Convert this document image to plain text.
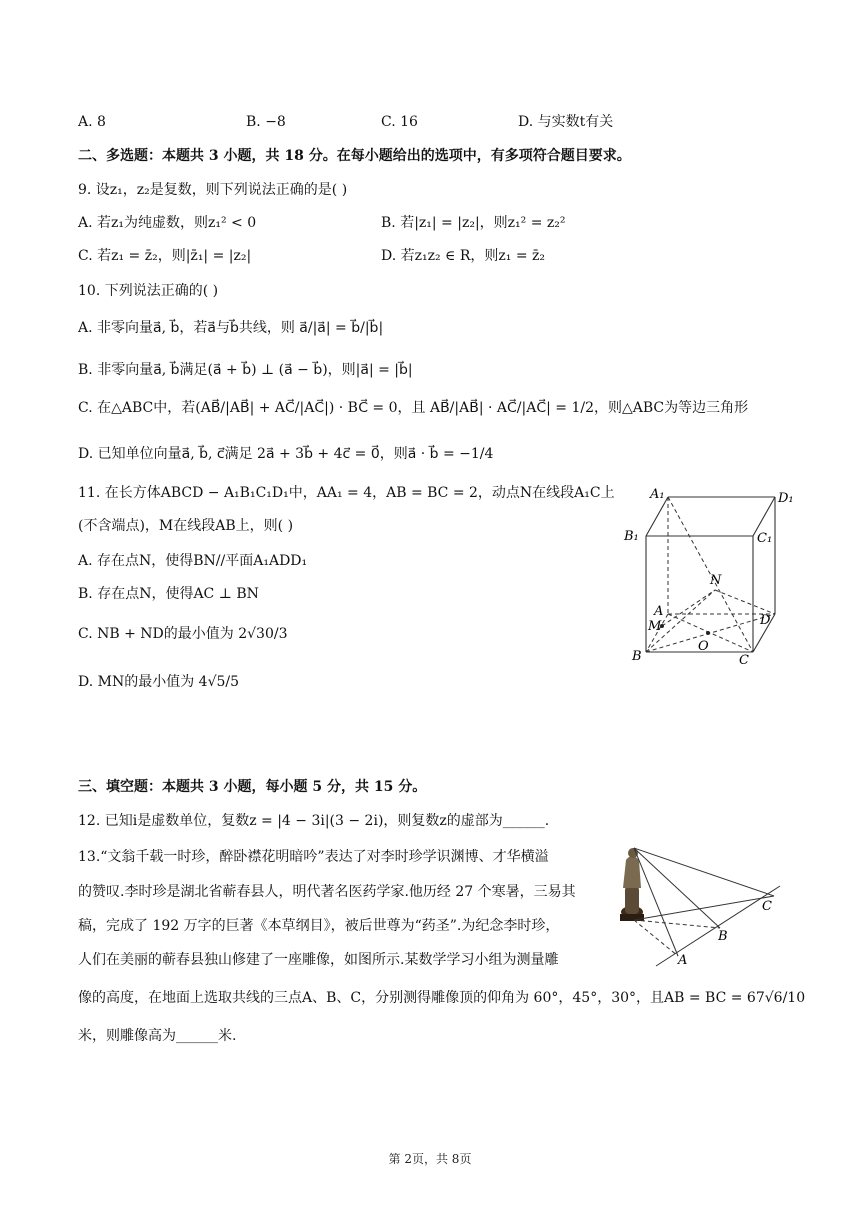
A. 8	B. −8	C. 16	D. 与实数t有关
二、多选题：本题共 3 小题，共 18 分。在每小题给出的选项中，有多项符合题目要求。
9. 设z₁，z₂是复数，则下列说法正确的是( )
A. 若z₁为纯虚数，则z₁² < 0	B. 若|z₁| = |z₂|，则z₁² = z₂²
C. 若z₁ = z̄₂，则|z̄₁| = |z₂|	D. 若z₁z₂ ∈ R，则z₁ = z̄₂
10. 下列说法正确的( )
A. 非零向量a⃗, b⃗，若a⃗与b⃗共线，则 a⃗/|a⃗| = b⃗/|b⃗|
B. 非零向量a⃗, b⃗满足(a⃗ + b⃗) ⊥ (a⃗ − b⃗)，则|a⃗| = |b⃗|
C. 在△ABC中，若(AB⃗/|AB⃗| + AC⃗/|AC⃗|) · BC⃗ = 0，且 AB⃗/|AB⃗| · AC⃗/|AC⃗| = 1/2，则△ABC为等边三角形
D. 已知单位向量a⃗, b⃗, c⃗满足 2a⃗ + 3b⃗ + 4c⃗ = 0⃗，则a⃗ · b⃗ = −1/4
11. 在长方体ABCD − A₁B₁C₁D₁中，AA₁ = 4，AB = BC = 2，动点N在线段A₁C上
(不含端点)，M在线段AB上，则( )
A. 存在点N，使得BN//平面A₁ADD₁
B. 存在点N，使得AC ⊥ BN
C. NB + ND的最小值为 2√30/3
D. MN的最小值为 4√5/5
A₁	D₁
B₁	C₁
N
A
M	D
O
B	C
三、填空题：本题共 3 小题，每小题 5 分，共 15 分。
12. 已知i是虚数单位，复数z = |4 − 3i|(3 − 2i)，则复数z的虚部为______.
13.“文翁千载一时珍，醉卧襟花明暗吟”表达了对李时珍学识渊博、才华横溢
的赞叹.李时珍是湖北省蕲春县人，明代著名医药学家.他历经 27 个寒暑，三易其
稿，完成了 192 万字的巨著《本草纲目》，被后世尊为“药圣”.为纪念李时珍，
人们在美丽的蕲春县独山修建了一座雕像，如图所示.某数学学习小组为测量雕
像的高度，在地面上选取共线的三点A、B、C，分别测得雕像顶的仰角为 60°，45°，30°，且AB = BC = 67√6/10
米，则雕像高为______米.
A
B
C
第 2页，共 8页
